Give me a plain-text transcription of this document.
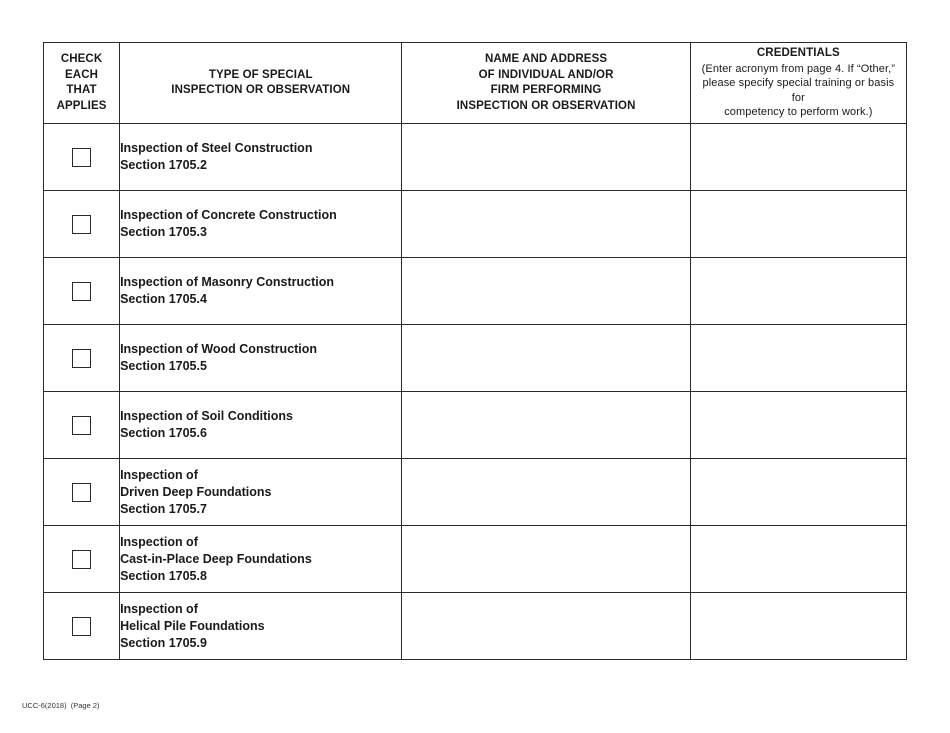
CHECK
EACH
THAT
APPLIES	TYPE OF SPECIAL
INSPECTION OR OBSERVATION	NAME AND ADDRESS
OF INDIVIDUAL AND/OR
FIRM PERFORMING
INSPECTION OR OBSERVATION	CREDENTIALS
(Enter acronym from page 4. If “Other,”
please specify special training or basis for
competency to perform work.)

	Inspection of Steel Construction
Section 1705.2		

	Inspection of Concrete Construction
Section 1705.3		

	Inspection of Masonry Construction
Section 1705.4		

	Inspection of Wood Construction
Section 1705.5		

	Inspection of Soil Conditions
Section 1705.6		

	Inspection of
Driven Deep Foundations
Section 1705.7		

	Inspection of
Cast-in-Place Deep Foundations
Section 1705.8		

	Inspection of
Helical Pile Foundations
Section 1705.9		

UCC-6(2018)  (Page 2)
